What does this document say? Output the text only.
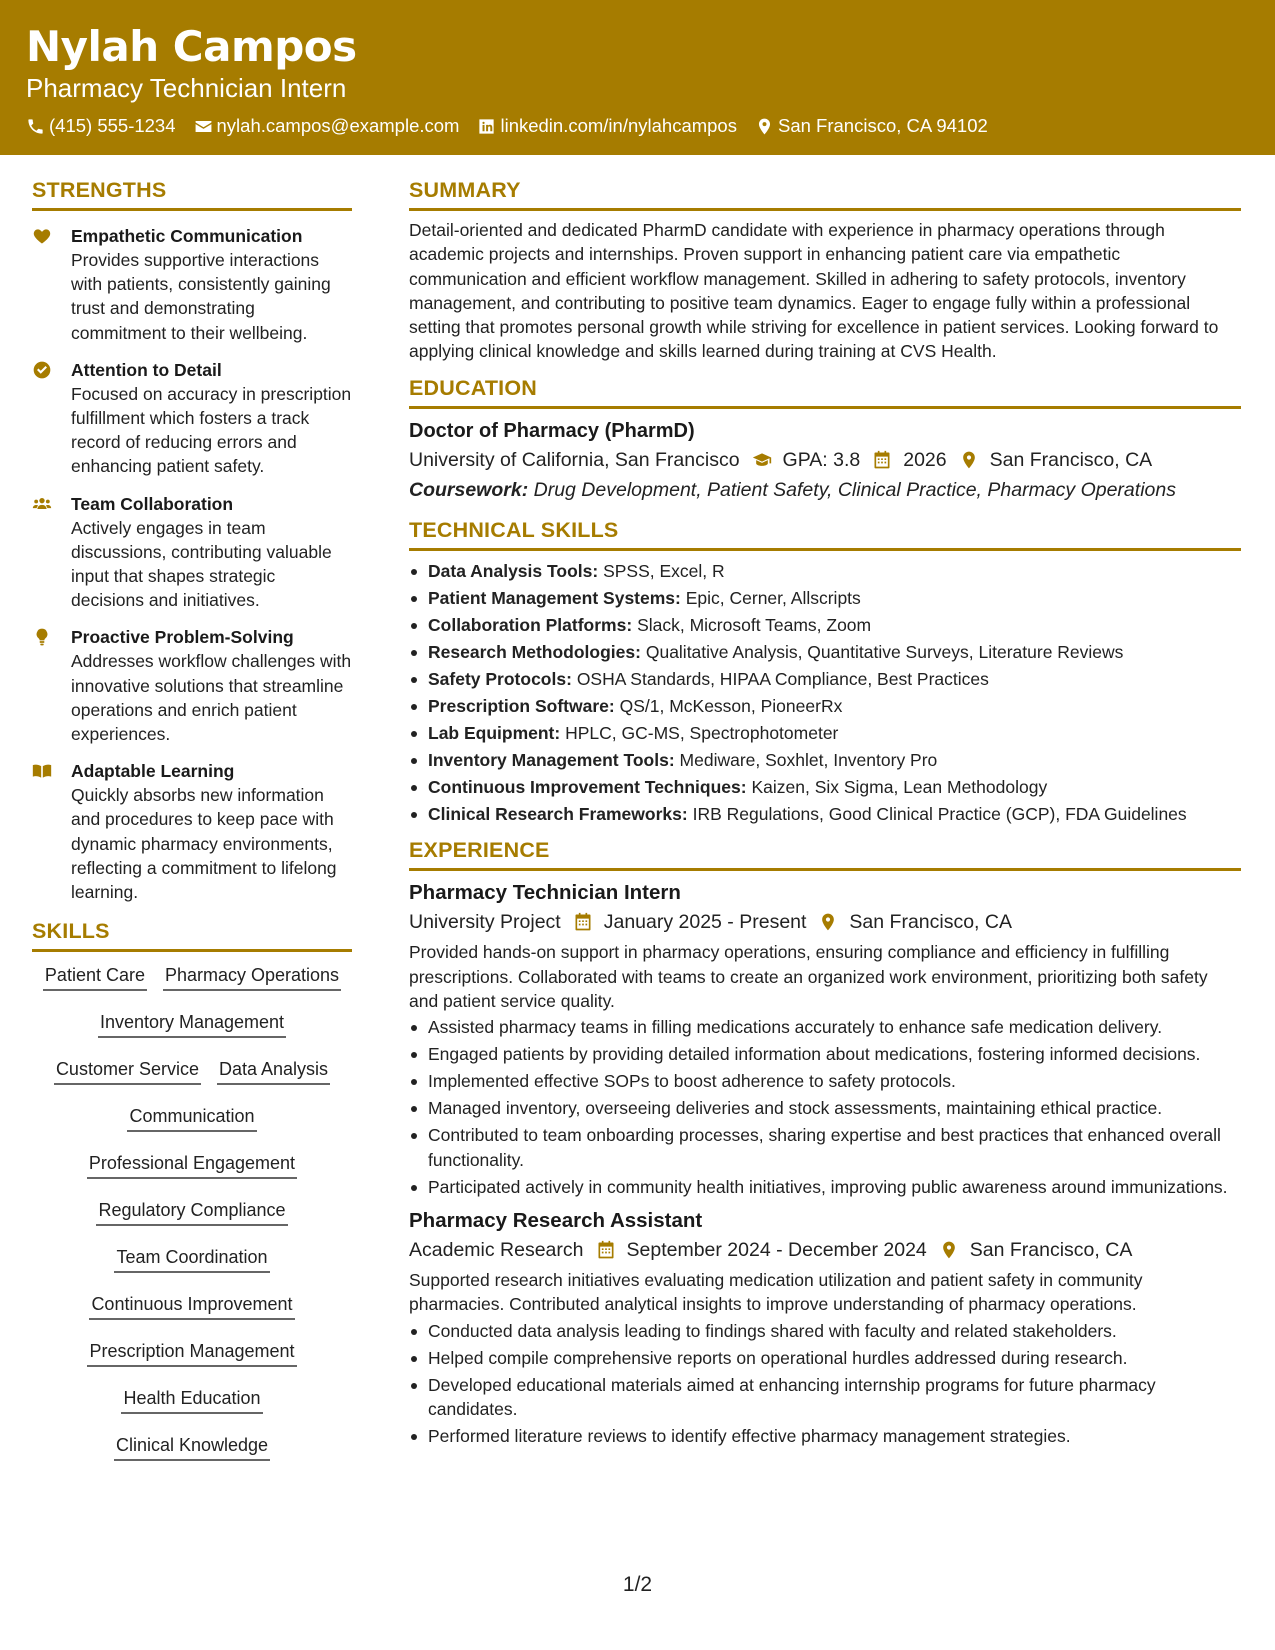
Nylah Campos
Pharmacy Technician Intern
(415) 555-1234 nylah.campos@example.com linkedin.com/in/nylahcampos San Francisco, CA 94102
STRENGTHS
Empathetic Communication
Provides supportive interactions with patients, consistently gaining trust and demonstrating commitment to their wellbeing.
Attention to Detail
Focused on accuracy in prescription fulfillment which fosters a track record of reducing errors and enhancing patient safety.
Team Collaboration
Actively engages in team discussions, contributing valuable input that shapes strategic decisions and initiatives.
Proactive Problem-Solving
Addresses workflow challenges with innovative solutions that streamline operations and enrich patient experiences.
Adaptable Learning
Quickly absorbs new information and procedures to keep pace with dynamic pharmacy environments, reflecting a commitment to lifelong learning.
SKILLS
Patient Care Pharmacy Operations
Inventory Management
Customer Service Data Analysis
Communication
Professional Engagement
Regulatory Compliance
Team Coordination
Continuous Improvement
Prescription Management
Health Education
Clinical Knowledge
SUMMARY
Detail-oriented and dedicated PharmD candidate with experience in pharmacy operations through academic projects and internships. Proven support in enhancing patient care via empathetic communication and efficient workflow management. Skilled in adhering to safety protocols, inventory management, and contributing to positive team dynamics. Eager to engage fully within a professional setting that promotes personal growth while striving for excellence in patient services. Looking forward to applying clinical knowledge and skills learned during training at CVS Health.
EDUCATION
Doctor of Pharmacy (PharmD)
University of California, San Francisco GPA: 3.8 2026 San Francisco, CA
Coursework: Drug Development, Patient Safety, Clinical Practice, Pharmacy Operations
TECHNICAL SKILLS
Data Analysis Tools: SPSS, Excel, R
Patient Management Systems: Epic, Cerner, Allscripts
Collaboration Platforms: Slack, Microsoft Teams, Zoom
Research Methodologies: Qualitative Analysis, Quantitative Surveys, Literature Reviews
Safety Protocols: OSHA Standards, HIPAA Compliance, Best Practices
Prescription Software: QS/1, McKesson, PioneerRx
Lab Equipment: HPLC, GC-MS, Spectrophotometer
Inventory Management Tools: Mediware, Soxhlet, Inventory Pro
Continuous Improvement Techniques: Kaizen, Six Sigma, Lean Methodology
Clinical Research Frameworks: IRB Regulations, Good Clinical Practice (GCP), FDA Guidelines
EXPERIENCE
Pharmacy Technician Intern
University Project January 2025 - Present San Francisco, CA
Provided hands-on support in pharmacy operations, ensuring compliance and efficiency in fulfilling prescriptions. Collaborated with teams to create an organized work environment, prioritizing both safety and patient service quality.
Assisted pharmacy teams in filling medications accurately to enhance safe medication delivery.
Engaged patients by providing detailed information about medications, fostering informed decisions.
Implemented effective SOPs to boost adherence to safety protocols.
Managed inventory, overseeing deliveries and stock assessments, maintaining ethical practice.
Contributed to team onboarding processes, sharing expertise and best practices that enhanced overall functionality.
Participated actively in community health initiatives, improving public awareness around immunizations.
Pharmacy Research Assistant
Academic Research September 2024 - December 2024 San Francisco, CA
Supported research initiatives evaluating medication utilization and patient safety in community pharmacies. Contributed analytical insights to improve understanding of pharmacy operations.
Conducted data analysis leading to findings shared with faculty and related stakeholders.
Helped compile comprehensive reports on operational hurdles addressed during research.
Developed educational materials aimed at enhancing internship programs for future pharmacy candidates.
Performed literature reviews to identify effective pharmacy management strategies.
1/2
